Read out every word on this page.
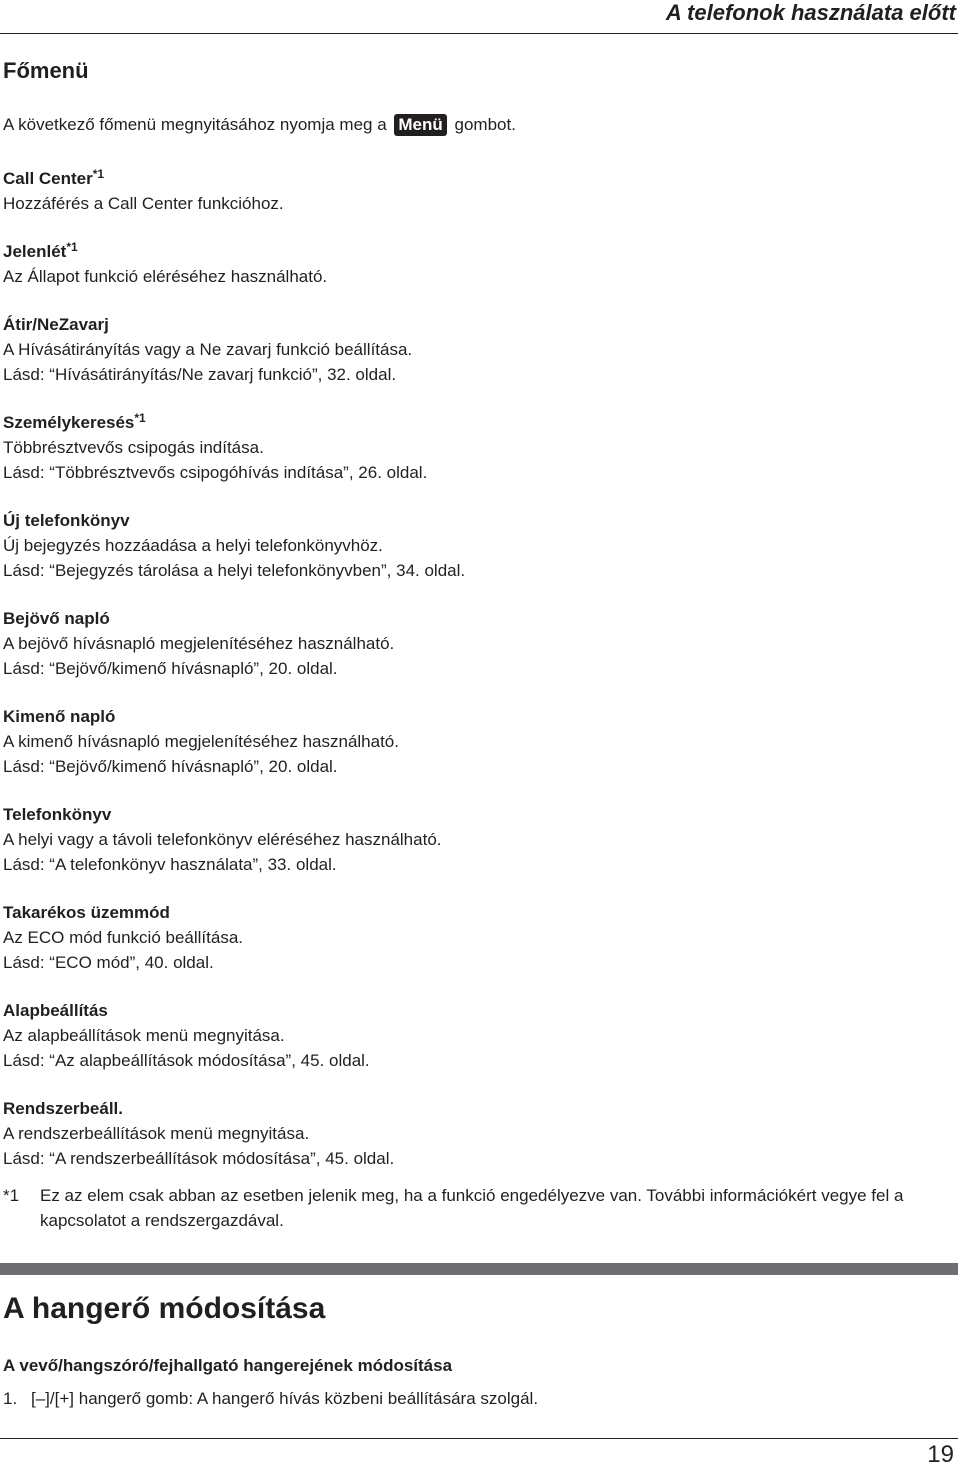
A telefonok használata előtt
Főmenü
A következő főmenü megnyitásához nyomja meg a Menü gombot.
Call Center$^{*1}$
Hozzáférés a Call Center funkcióhoz.
Jelenlét$^{*1}$
Az Állapot funkció eléréséhez használható.
Átir/NeZavarj
A Hívásátirányítás vagy a Ne zavarj funkció beállítása.
Lásd: “Hívásátirányítás/Ne zavarj funkció”, 32. oldal.
Személykeresés$^{*1}$
Többrésztvevős csipogás indítása.
Lásd: “Többrésztvevős csipogóhívás indítása”, 26. oldal.
Új telefonkönyv
Új bejegyzés hozzáadása a helyi telefonkönyvhöz.
Lásd: “Bejegyzés tárolása a helyi telefonkönyvben”, 34. oldal.
Bejövő napló
A bejövő hívásnapló megjelenítéséhez használható.
Lásd: “Bejövő/kimenő hívásnapló”, 20. oldal.
Kimenő napló
A kimenő hívásnapló megjelenítéséhez használható.
Lásd: “Bejövő/kimenő hívásnapló”, 20. oldal.
Telefonkönyv
A helyi vagy a távoli telefonkönyv eléréséhez használható.
Lásd: “A telefonkönyv használata”, 33. oldal.
Takarékos üzemmód
Az ECO mód funkció beállítása.
Lásd: “ECO mód”, 40. oldal.
Alapbeállítás
Az alapbeállítások menü megnyitása.
Lásd: “Az alapbeállítások módosítása”, 45. oldal.
Rendszerbeáll.
A rendszerbeállítások menü megnyitása.
Lásd: “A rendszerbeállítások módosítása”, 45. oldal.
*1 Ez az elem csak abban az esetben jelenik meg, ha a funkció engedélyezve van. További információkért vegye fel a kapcsolatot a rendszergazdával.
A hangerő módosítása
A vevő/hangszóró/fejhallgató hangerejének módosítása
1. [–]/[+] hangerő gomb: A hangerő hívás közbeni beállítására szolgál.
19
